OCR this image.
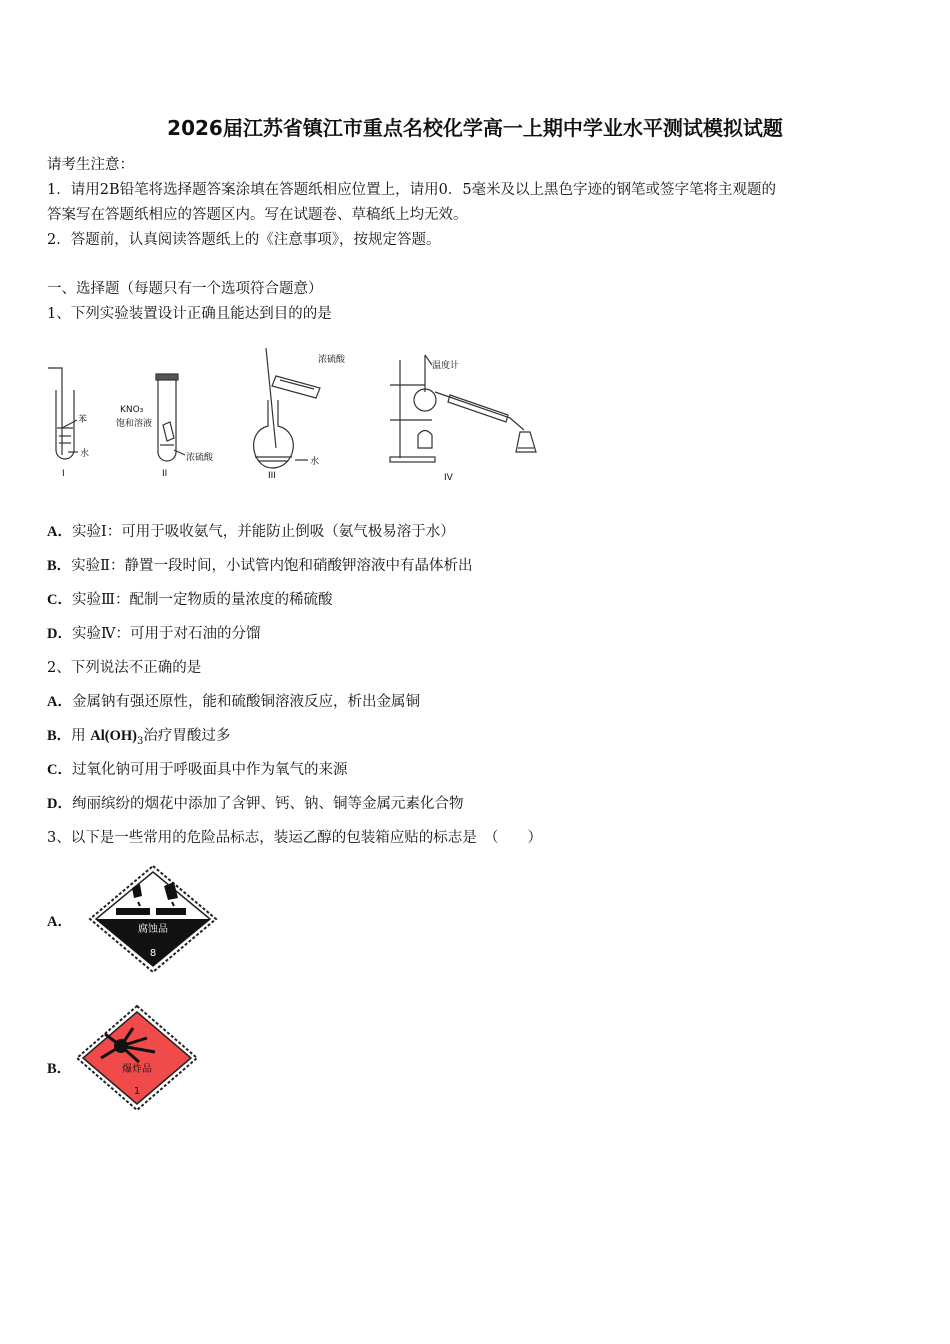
2026届江苏省镇江市重点名校化学高一上期中学业水平测试模拟试题
请考生注意：
1．请用2B铅笔将选择题答案涂填在答题纸相应位置上，请用0．5毫米及以上黑色字迹的钢笔或签字笔将主观题的
答案写在答题纸相应的答题区内。写在试题卷、草稿纸上均无效。
2．答题前，认真阅读答题纸上的《注意事项》，按规定答题。
一、选择题（每题只有一个选项符合题意）
1、下列实验装置设计正确且能达到目的的是
苯
水
I
KNO₃
饱和溶液
浓硫酸
II
浓硫酸
水
III
温度计
IV
A．实验Ⅰ：可用于吸收氨气，并能防止倒吸（氨气极易溶于水）
B．实验Ⅱ：静置一段时间，小试管内饱和硝酸钾溶液中有晶体析出
C．实验Ⅲ：配制一定物质的量浓度的稀硫酸
D．实验Ⅳ：可用于对石油的分馏
2、下列说法不正确的是
A．金属钠有强还原性，能和硫酸铜溶液反应，析出金属铜
B．用 $Al(OH)_3$治疗胃酸过多
C．过氧化钠可用于呼吸面具中作为氧气的来源
D．绚丽缤纷的烟花中添加了含钾、钙、钠、铜等金属元素化合物
3、以下是一些常用的危险品标志，装运乙醇的包装箱应贴的标志是　（　　）
A．	腐蚀品
8
B．	爆炸品
1
